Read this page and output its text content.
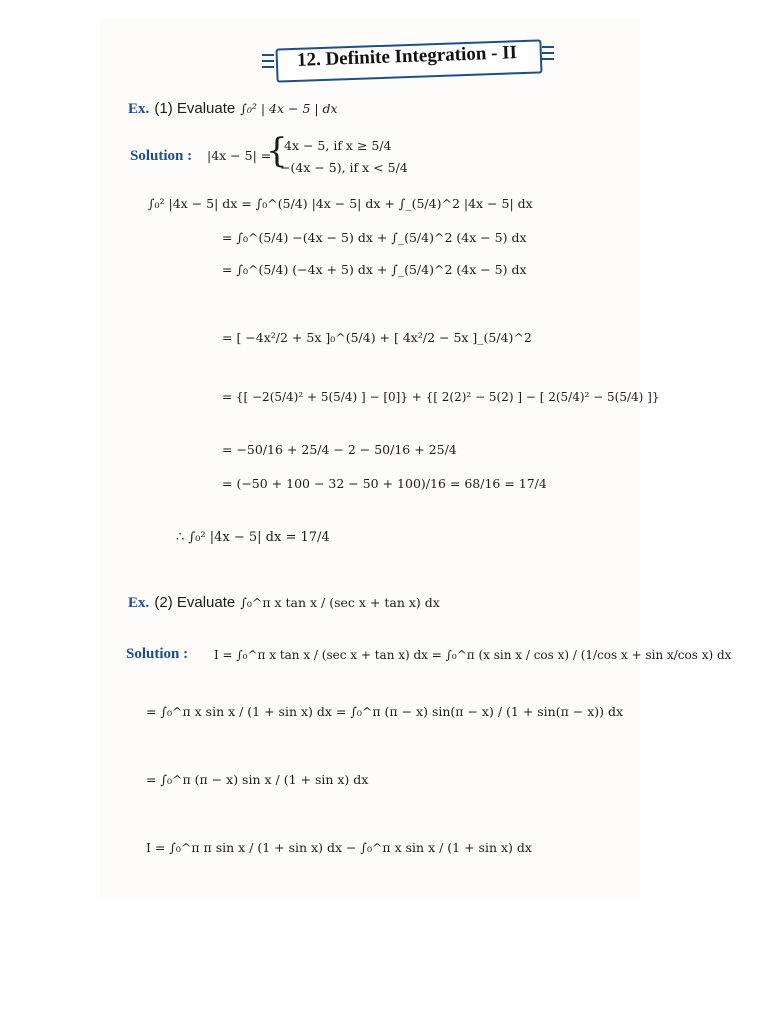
12. Definite Integration - II
Ex. (1) Evaluate ∫₀² | 4x − 5 | dx
Solution : |4x − 5| =
{
4x − 5, if x ≥ 5/4
−(4x − 5), if x < 5/4
∫₀² |4x − 5| dx = ∫₀^(5/4) |4x − 5| dx + ∫_(5/4)^2 |4x − 5| dx
= ∫₀^(5/4) −(4x − 5) dx + ∫_(5/4)^2 (4x − 5) dx
= ∫₀^(5/4) (−4x + 5) dx + ∫_(5/4)^2 (4x − 5) dx
= [ −4x²/2 + 5x ]₀^(5/4) + [ 4x²/2 − 5x ]_(5/4)^2
= {[ −2(5/4)² + 5(5/4) ] − [0]} + {[ 2(2)² − 5(2) ] − [ 2(5/4)² − 5(5/4) ]}
= −50/16 + 25/4 − 2 − 50/16 + 25/4
= (−50 + 100 − 32 − 50 + 100)/16 = 68/16 = 17/4
∴ ∫₀² |4x − 5| dx = 17/4
Ex. (2) Evaluate ∫₀^π x tan x / (sec x + tan x) dx
Solution : I = ∫₀^π x tan x / (sec x + tan x) dx = ∫₀^π (x sin x / cos x) / (1/cos x + sin x/cos x) dx
= ∫₀^π x sin x / (1 + sin x) dx = ∫₀^π (π − x) sin(π − x) / (1 + sin(π − x)) dx
= ∫₀^π (π − x) sin x / (1 + sin x) dx
I = ∫₀^π π sin x / (1 + sin x) dx − ∫₀^π x sin x / (1 + sin x) dx
